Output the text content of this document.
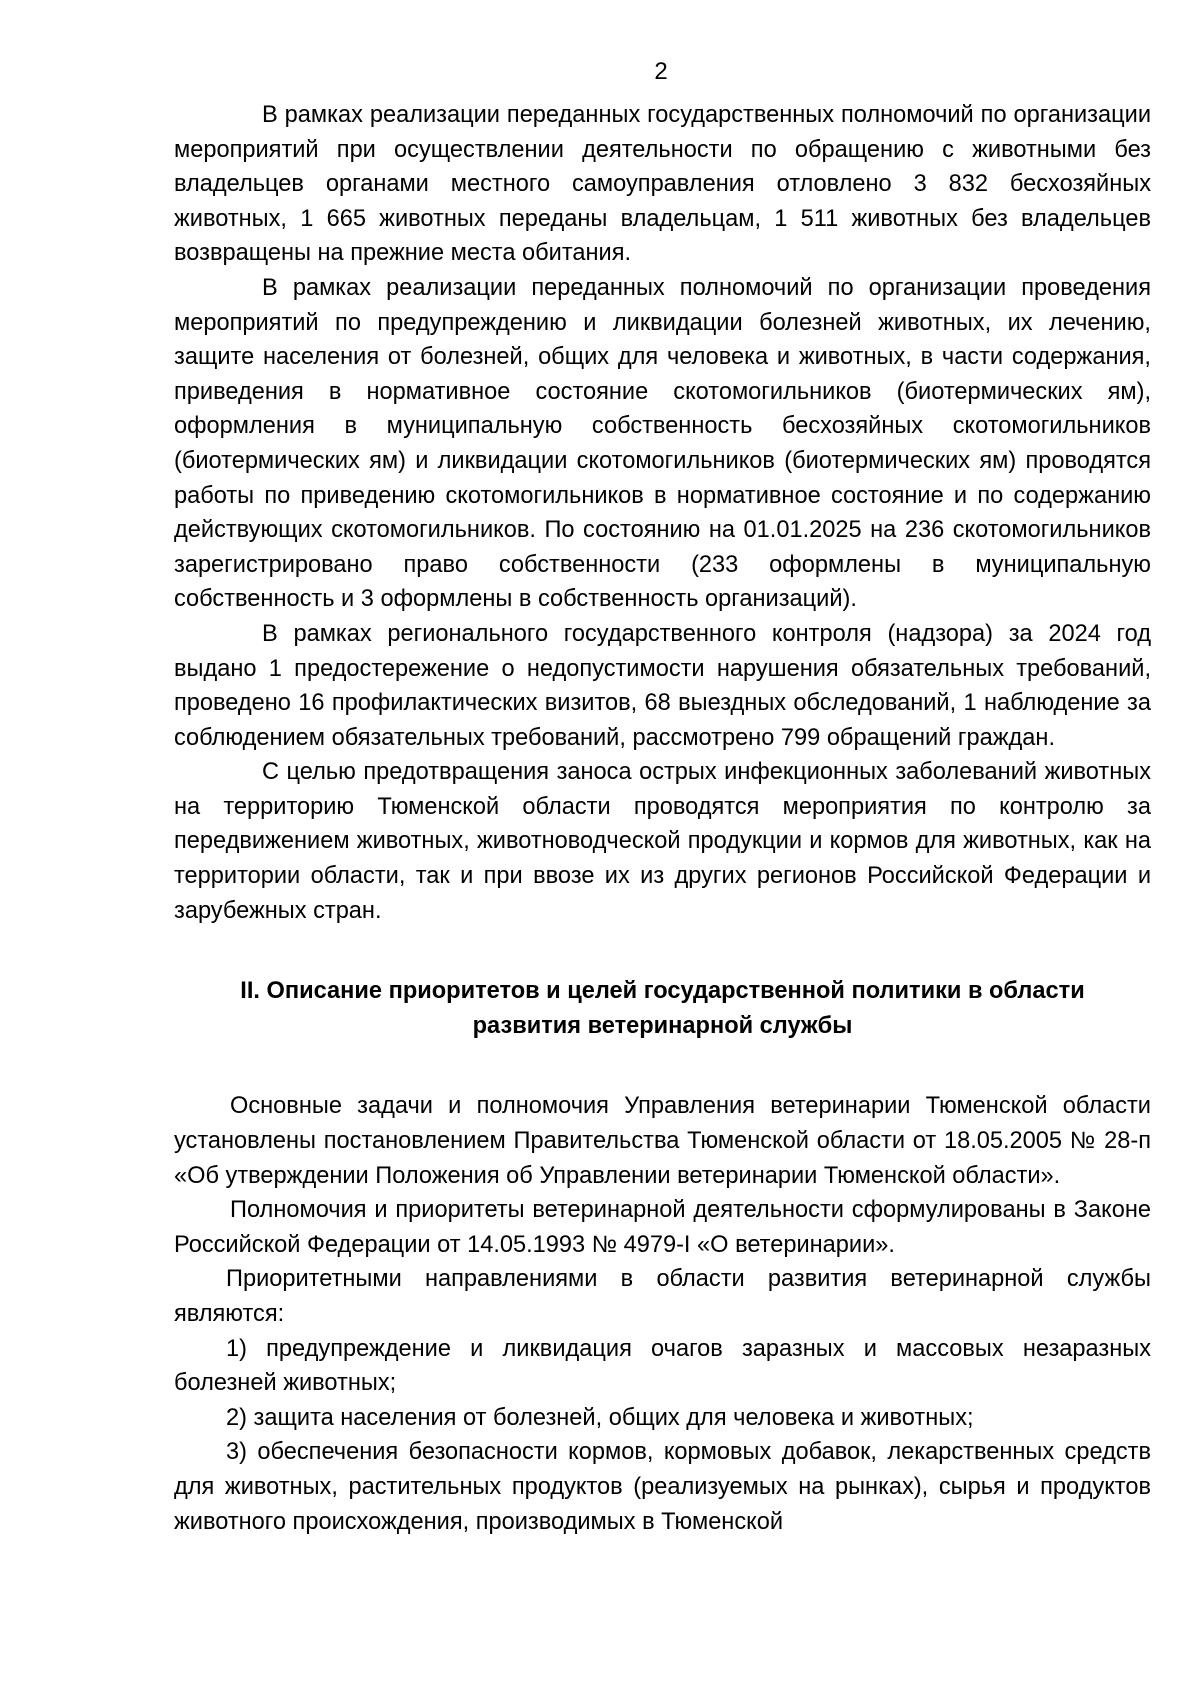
2

В рамках реализации переданных государственных полномочий по организации мероприятий при осуществлении деятельности по обращению с животными без владельцев органами местного самоуправления отловлено 3 832 бесхозяйных животных, 1 665 животных переданы владельцам, 1 511 животных без владельцев возвращены на прежние места обитания.

В рамках реализации переданных полномочий по организации проведения мероприятий по предупреждению и ликвидации болезней животных, их лечению, защите населения от болезней, общих для человека и животных, в части содержания, приведения в нормативное состояние скотомогильников (биотермических ям), оформления в муниципальную собственность бесхозяйных скотомогильников (биотермических ям) и ликвидации скотомогильников (биотермических ям) проводятся работы по приведению скотомогильников в нормативное состояние и по содержанию действующих скотомогильников. По состоянию на 01.01.2025 на 236 скотомогильников зарегистрировано право собственности (233 оформлены в муниципальную собственность и 3 оформлены в собственность организаций).

В рамках регионального государственного контроля (надзора) за 2024 год выдано 1 предостережение о недопустимости нарушения обязательных требований, проведено 16 профилактических визитов, 68 выездных обследований, 1 наблюдение за соблюдением обязательных требований, рассмотрено 799 обращений граждан.

С целью предотвращения заноса острых инфекционных заболеваний животных на территорию Тюменской области проводятся мероприятия по контролю за передвижением животных, животноводческой продукции и кормов для животных, как на территории области, так и при ввозе их из других регионов Российской Федерации и зарубежных стран.

II. Описание приоритетов и целей государственной политики в области
развития ветеринарной службы

Основные задачи и полномочия Управления ветеринарии Тюменской области установлены постановлением Правительства Тюменской области от 18.05.2005 № 28-п «Об утверждении Положения об Управлении ветеринарии Тюменской области».

Полномочия и приоритеты ветеринарной деятельности сформулированы в Законе Российской Федерации от 14.05.1993 № 4979-I «О ветеринарии».

Приоритетными направлениями в области развития ветеринарной службы являются:

1) предупреждение и ликвидация очагов заразных и массовых незаразных болезней животных;

2) защита населения от болезней, общих для человека и животных;

3) обеспечения безопасности кормов, кормовых добавок, лекарственных средств для животных, растительных продуктов (реализуемых на рынках), сырья и продуктов животного происхождения, производимых в Тюменской
